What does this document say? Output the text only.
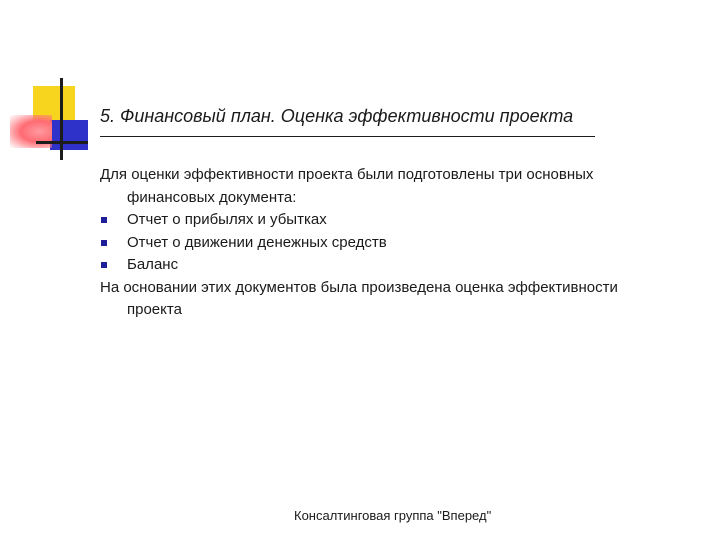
5. Финансовый план. Оценка эффективности проекта
Для оценки эффективности проекта были подготовлены три основных финансовых документа:
Отчет о прибылях и убытках
Отчет о движении денежных средств
Баланс
На основании этих документов была произведена оценка эффективности проекта
Консалтинговая группа "Вперед"
